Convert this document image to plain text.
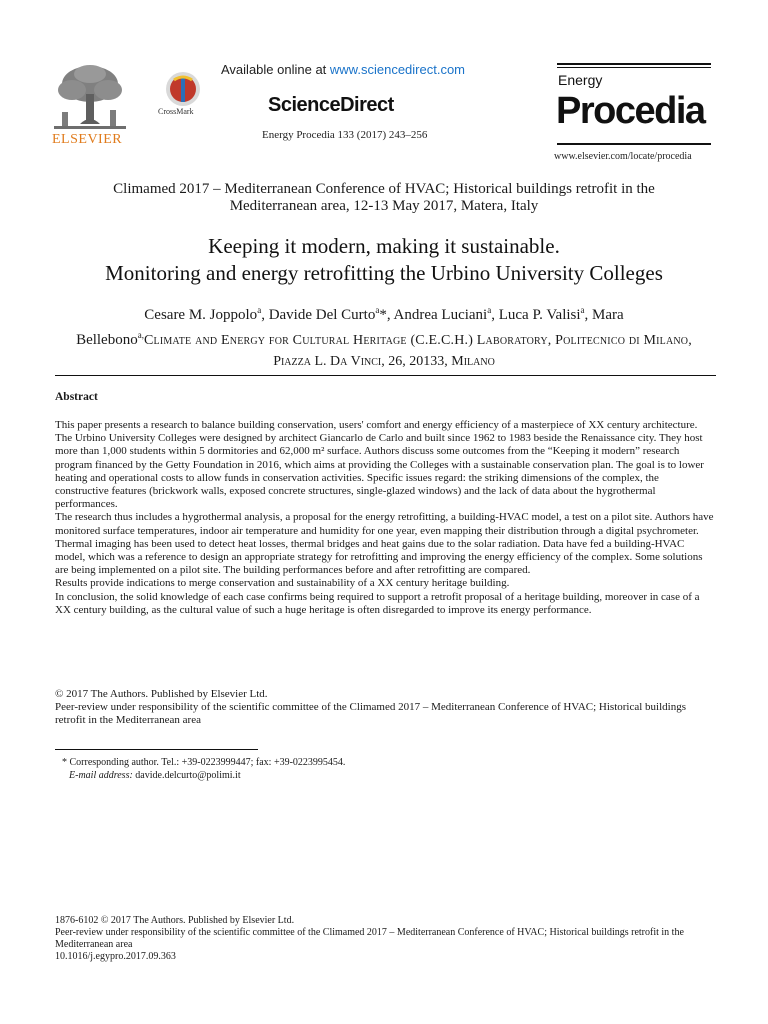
ELSEVIER
CrossMark
Available online at www.sciencedirect.com
ScienceDirect
Energy Procedia 133 (2017) 243–256
Energy
Procedia
www.elsevier.com/locate/procedia
Climamed 2017 – Mediterranean Conference of HVAC; Historical buildings retrofit in the
Mediterranean area, 12-13 May 2017, Matera, Italy
Keeping it modern, making it sustainable.
Monitoring and energy retrofitting the Urbino University Colleges
Cesare M. Joppolo$^a$, Davide Del Curto$^a$*, Andrea Luciani$^a$, Luca P. Valisi$^a$, Mara
Bellebono$^{a,}$Climate and Energy for Cultural Heritage (C.E.C.H.) Laboratory, Politecnico di Milano,
Piazza L. Da Vinci, 26, 20133, Milano
Abstract

This paper presents a research to balance building conservation, users' comfort and energy efficiency of a masterpiece of XX century architecture. The Urbino University Colleges were designed by architect Giancarlo de Carlo and built since 1962 to 1983 beside the Renaissance city. They host more than 1,000 students within 5 dormitories and 62,000 m² surface. Authors discuss some outcomes from the “Keeping it modern” research program financed by the Getty Foundation in 2016, which aims at providing the Colleges with a sustainable conservation plan. The goal is to lower heating and operational costs to allow funds in conservation activities. Specific issues regard: the striking dimensions of the complex, the constructive features (brickwork walls, exposed concrete structures, single-glazed windows) and the lack of data about the hygrothermal performances.

The research thus includes a hygrothermal analysis, a proposal for the energy retrofitting, a building-HVAC model, a test on a pilot site. Authors have monitored surface temperatures, indoor air temperature and humidity for one year, even mapping their distribution through a digital psychrometer. Thermal imaging has been used to detect heat losses, thermal bridges and heat gains due to the solar radiation. Data have fed a building-HVAC model, which was a reference to design an appropriate strategy for retrofitting and improving the energy efficiency of the complex. Some solutions are being implemented on a pilot site. The building performances before and after retrofitting are compared.

Results provide indications to merge conservation and sustainability of a XX century heritage building.

In conclusion, the solid knowledge of each case confirms being required to support a retrofit proposal of a heritage building, moreover in case of a XX century building, as the cultural value of such a huge heritage is often disregarded to improve its energy performance.

© 2017 The Authors. Published by Elsevier Ltd.

Peer-review under responsibility of the scientific committee of the Climamed 2017 – Mediterranean Conference of HVAC; Historical buildings retrofit in the Mediterranean area

* Corresponding author. Tel.: +39-0223999447; fax: +39-0223995454.
E-mail address: davide.delcurto@polimi.it

1876-6102 © 2017 The Authors. Published by Elsevier Ltd.

Peer-review under responsibility of the scientific committee of the Climamed 2017 – Mediterranean Conference of HVAC; Historical buildings retrofit in the Mediterranean area

10.1016/j.egypro.2017.09.363
